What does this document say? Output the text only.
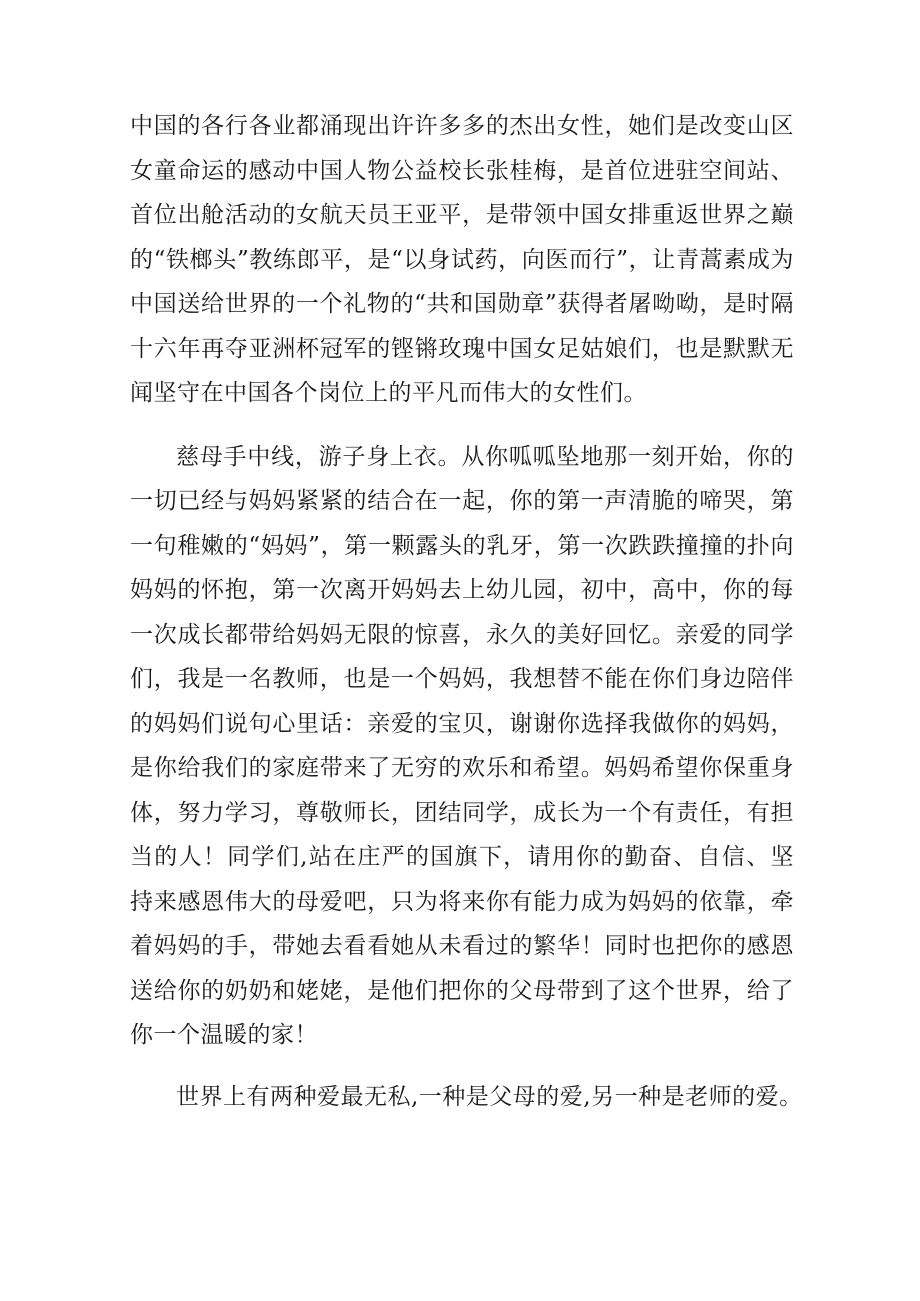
中国的各行各业都涌现出许许多多的杰出女性，她们是改变山区女童命运的感动中国人物公益校长张桂梅，是首位进驻空间站、首位出舱活动的女航天员王亚平，是带领中国女排重返世界之巅的“铁榔头”教练郎平，是“以身试药，向医而行”，让青蒿素成为中国送给世界的一个礼物的“共和国勋章”获得者屠呦呦，是时隔十六年再夺亚洲杯冠军的铿锵玫瑰中国女足姑娘们，也是默默无闻坚守在中国各个岗位上的平凡而伟大的女性们。

慈母手中线，游子身上衣。从你呱呱坠地那一刻开始，你的一切已经与妈妈紧紧的结合在一起，你的第一声清脆的啼哭，第一句稚嫩的“妈妈”，第一颗露头的乳牙，第一次跌跌撞撞的扑向妈妈的怀抱，第一次离开妈妈去上幼儿园，初中，高中，你的每一次成长都带给妈妈无限的惊喜，永久的美好回忆。亲爱的同学们，我是一名教师，也是一个妈妈，我想替不能在你们身边陪伴的妈妈们说句心里话：亲爱的宝贝，谢谢你选择我做你的妈妈，是你给我们的家庭带来了无穷的欢乐和希望。妈妈希望你保重身体，努力学习，尊敬师长，团结同学，成长为一个有责任，有担当的人！同学们,站在庄严的国旗下，请用你的勤奋、自信、坚持来感恩伟大的母爱吧，只为将来你有能力成为妈妈的依靠，牵着妈妈的手，带她去看看她从未看过的繁华！同时也把你的感恩送给你的奶奶和姥姥，是他们把你的父母带到了这个世界，给了你一个温暖的家！

世界上有两种爱最无私,一种是父母的爱,另一种是老师的爱。
